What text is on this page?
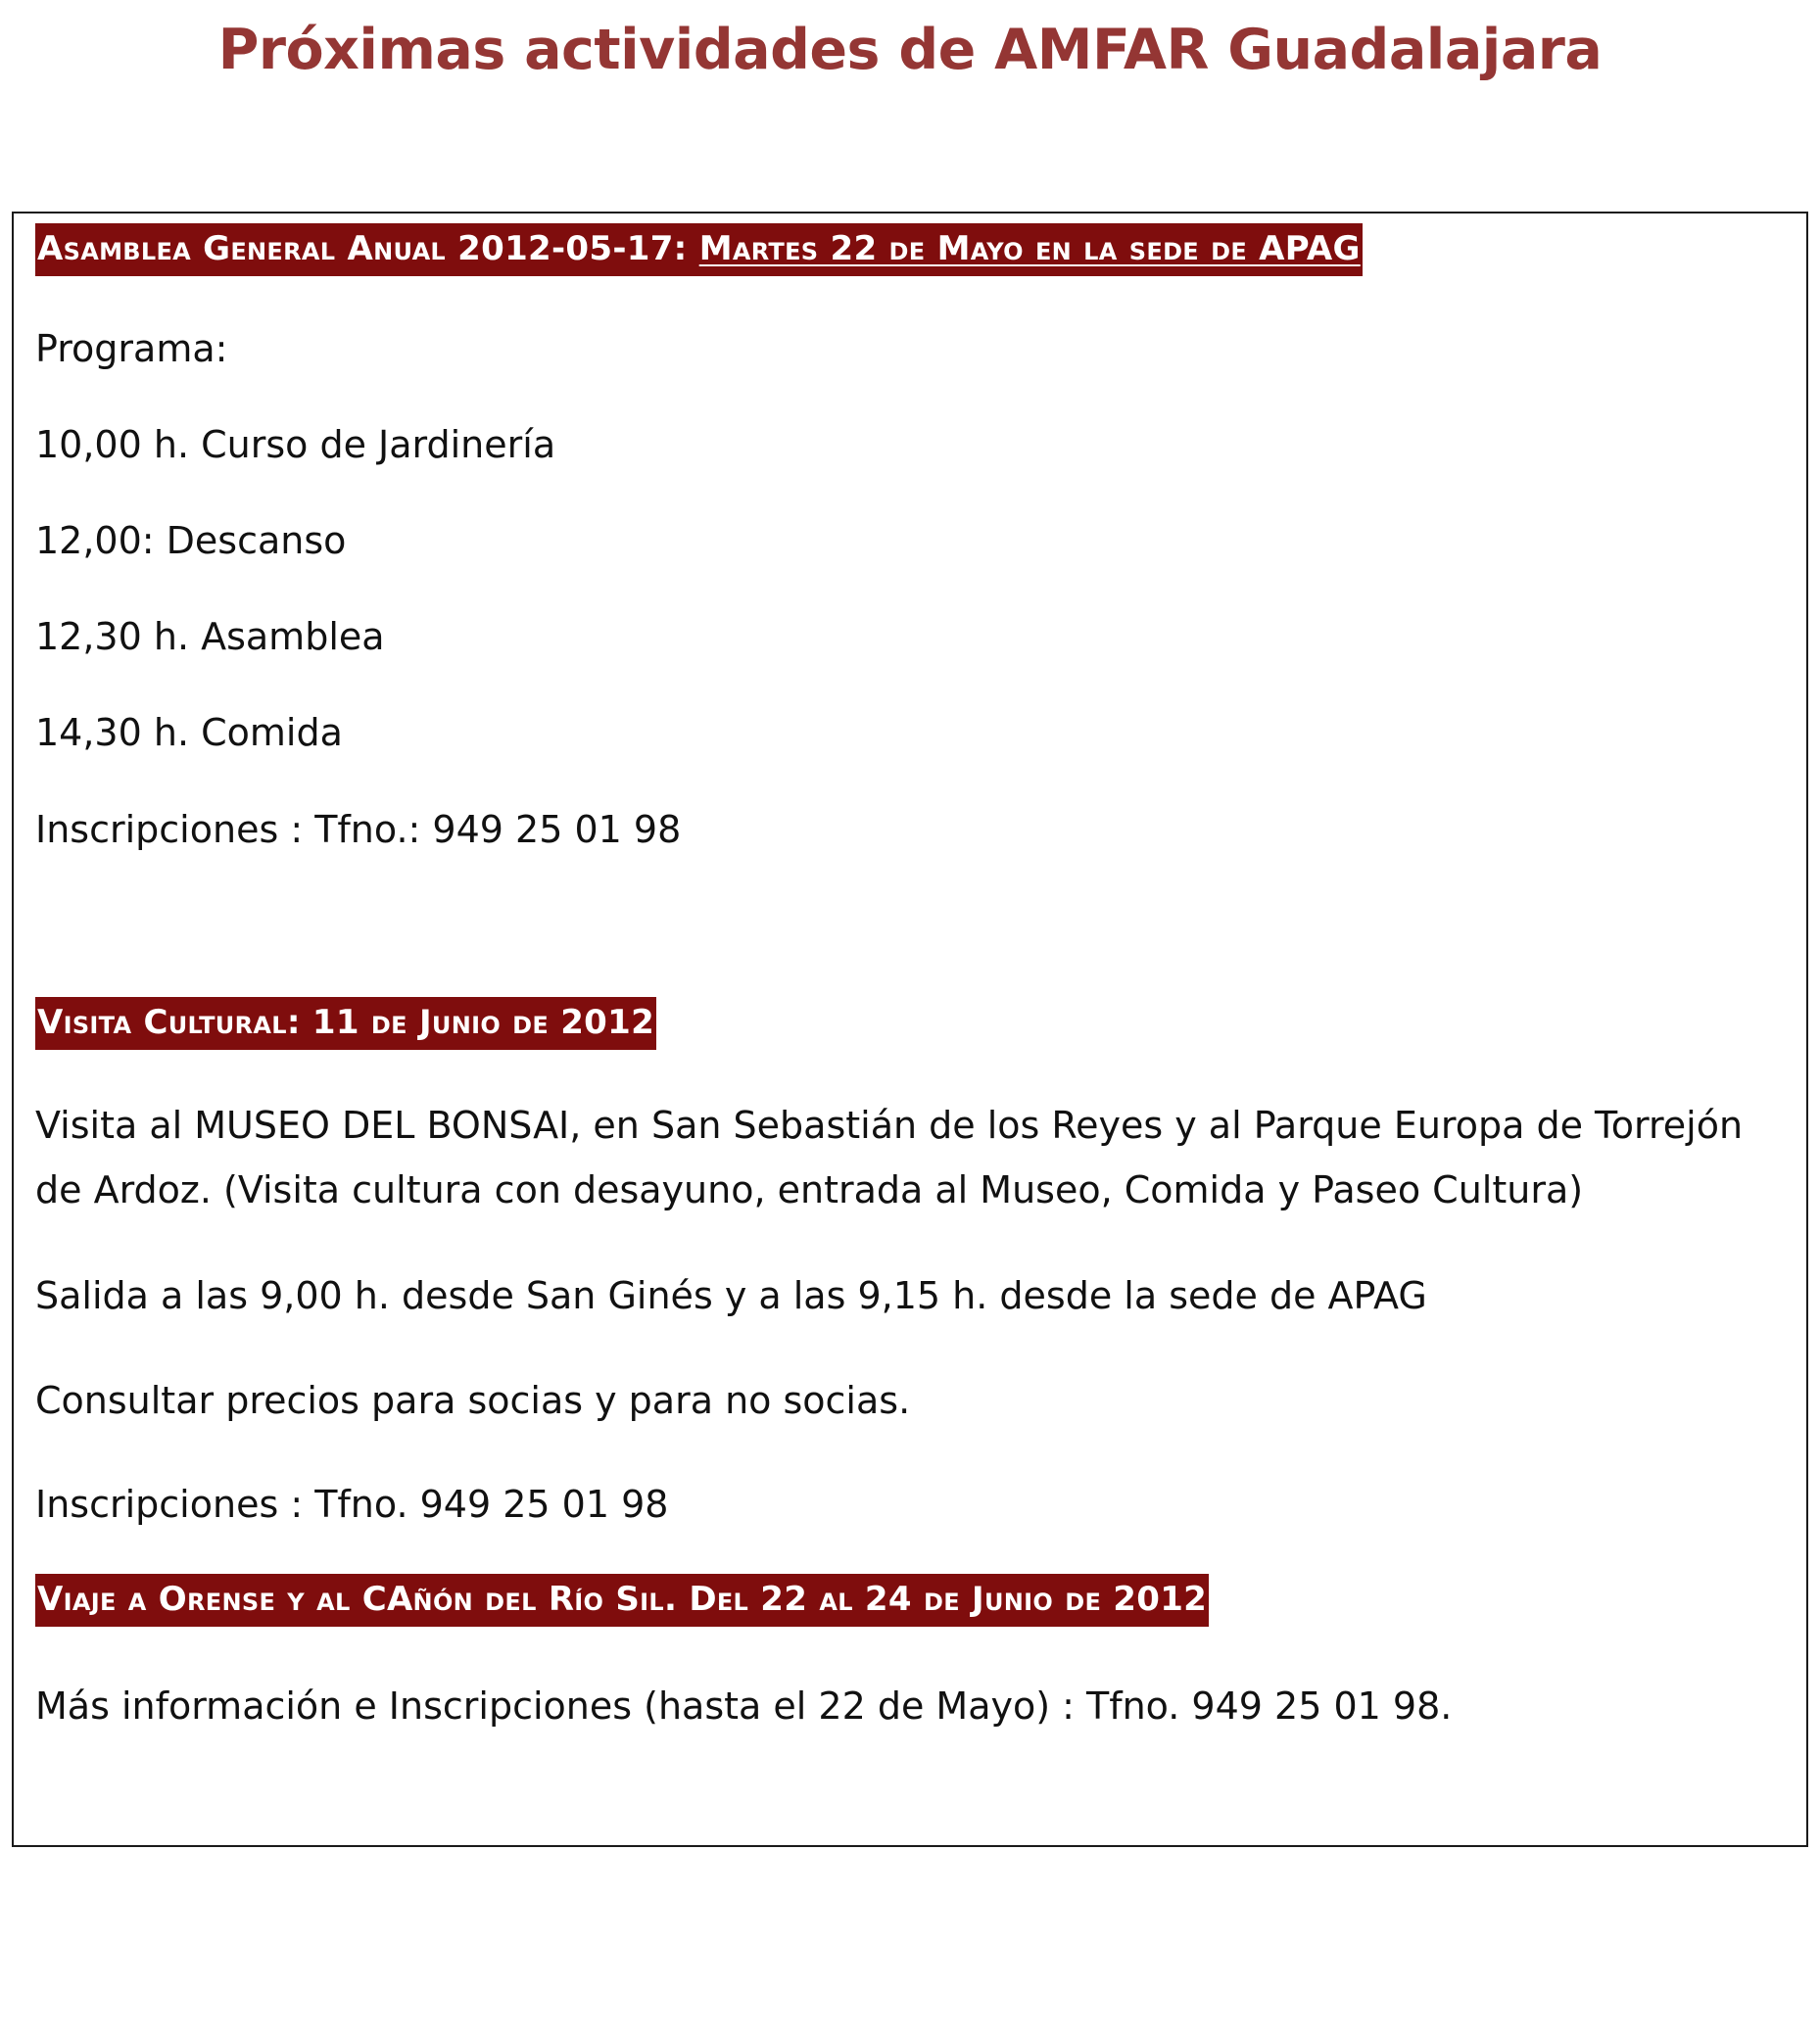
Próximas actividades de AMFAR Guadalajara
Asamblea General Anual 2012-05-17: Martes 22 de Mayo en la sede de APAG

Programa:

10,00 h. Curso de Jardinería

12,00: Descanso

12,30 h. Asamblea

14,30 h. Comida

Inscripciones : Tfno.: 949 25 01 98

Visita Cultural: 11 de Junio de 2012

Visita al MUSEO DEL BONSAI, en San Sebastián de los Reyes y al Parque Europa de Torrejón de Ardoz. (Visita cultura con desayuno, entrada al Museo, Comida y Paseo Cultura)

Salida a las 9,00 h. desde San Ginés y a las 9,15 h. desde la sede de APAG

Consultar precios para socias y para no socias.

Inscripciones : Tfno. 949 25 01 98

Viaje a Orense y al CAñón del Río Sil. Del 22 al 24 de Junio de 2012

Más información e Inscripciones (hasta el 22 de Mayo) : Tfno. 949 25 01 98.
